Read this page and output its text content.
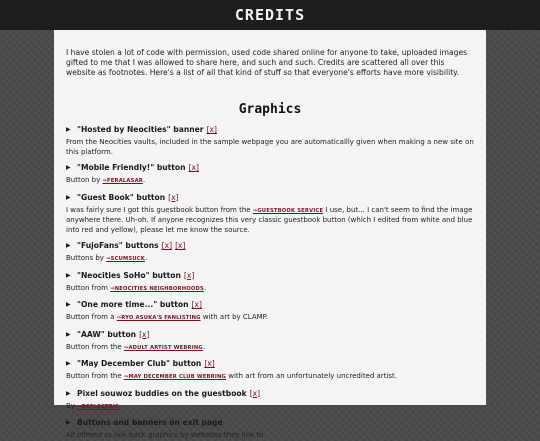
CREDITS

I have stolen a lot of code with permission, used code shared online for anyone to take, uploaded images gifted to me that I was allowed to share here, and such and such. Credits are scattered all over this website as footnotes. Here's a list of all that kind of stuff so that everyone's efforts have more visibility.

Graphics
▶ "Hosted by Neocities" banner [x]
From the Neocities vaults, included in the sample webpage you are automaticallly given when making a new site on this platform.
▶ "Mobile Friendly!" button [x]
Button by ⇒FERALASAR.
▶ "Guest Book" button [x]
I was fairly sure I got this guestbook button from the ⇒GUESTBOOK SERVICE I use, but... I can't seem to find the image anywhere there. Uh-oh. If anyone recognizes this very classic guestbook button (which I edited from white and blue into red and yellow), please let me know the source.
▶ "FujoFans" buttons [x] [x]
Buttons by ⇒SCUMSUCK.
▶ "Neocities SoHo" button [x]
Button from ⇒NEOCITIES NEIGHBORHOODS.
▶ "One more time..." button [x]
Button from a ⇒RYO ASUKA'S FANLISTING with art by CLAMP.
▶ "AAW" button [x]
Button from the ⇒ADULT ARTIST WEBRING.
▶ "May December Club" button [x]
Button from the ⇒MAY DECEMBER CLUB WEBRING with art from an unfortunately uncredited artist.
▶ Pixel souwoz buddies on the guestbook [x]
By ⇒DEFLECTRIC.
▶ Buttons and banners on exit page
All offered as link-back graphics by websites they link to.
